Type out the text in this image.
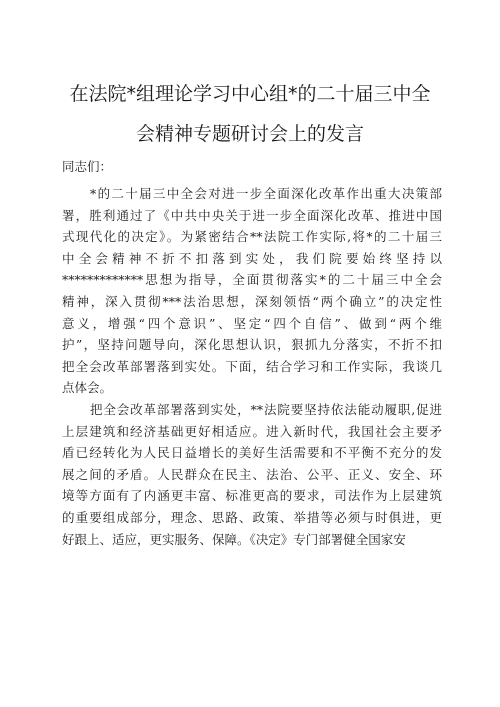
在法院*组理论学习中心组*的二十届三中全
会精神专题研讨会上的发言
同志们：
*的二十届三中全会对进一步全面深化改革作出重大决策部
署，胜利通过了《中共中央关于进一步全面深化改革、推进中国
式现代化的决定》。为紧密结合**法院工作实际,将*的二十届三
中全会精神不折不扣落到实处，我们院要始终坚持以
*************思想为指导，全面贯彻落实*的二十届三中全会
精神，深入贯彻***法治思想，深刻领悟“两个确立”的决定性
意义，增强“四个意识”、坚定“四个自信”、做到“两个维
护”，坚持问题导向，深化思想认识，狠抓九分落实，不折不扣
把全会改革部署落到实处。下面，结合学习和工作实际，我谈几
点体会。
把全会改革部署落到实处，**法院要坚持依法能动履职,促进
上层建筑和经济基础更好相适应。进入新时代，我国社会主要矛
盾已经转化为人民日益增长的美好生活需要和不平衡不充分的发
展之间的矛盾。人民群众在民主、法治、公平、正义、安全、环
境等方面有了内涵更丰富、标准更高的要求，司法作为上层建筑
的重要组成部分，理念、思路、政策、举措等必须与时俱进，更
好跟上、适应，更实服务、保障。《决定》专门部署健全国家安
